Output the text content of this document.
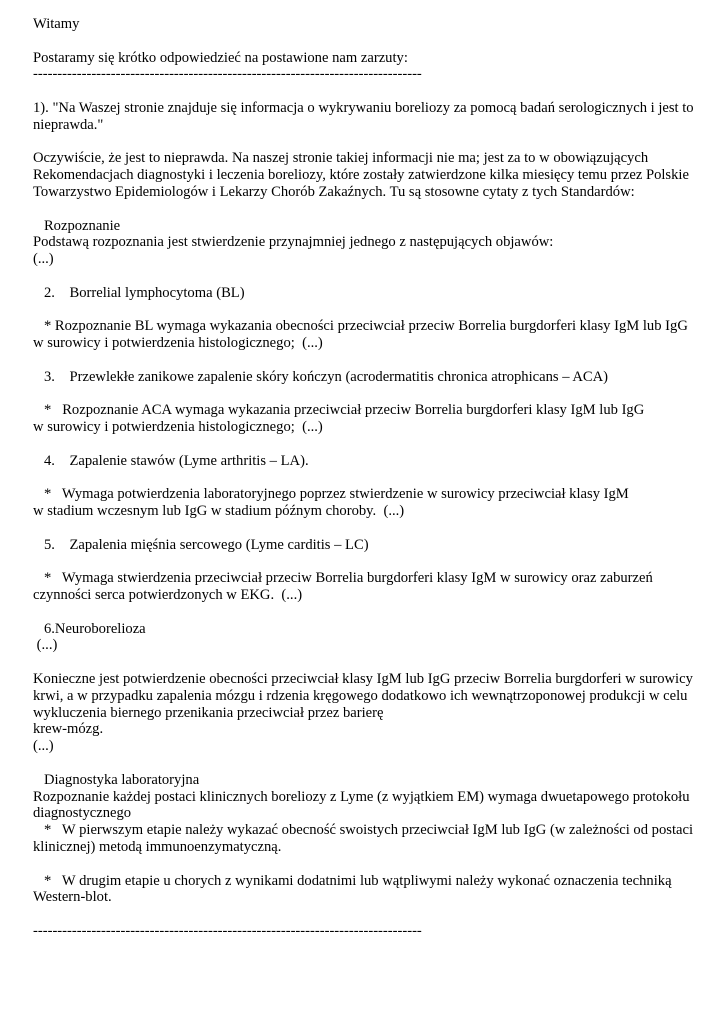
Witamy

Postaramy się krótko odpowiedzieć na postawione nam zarzuty:

--------------------------------------------------------------------------------

1). "Na Waszej stronie znajduje się informacja o wykrywaniu boreliozy za pomocą badań serologicznych i jest to nieprawda."

Oczywiście, że jest to nieprawda. Na naszej stronie takiej informacji nie ma; jest za to w obowiązujących Rekomendacjach diagnostyki i leczenia boreliozy, które zostały zatwierdzone kilka miesięcy temu przez Polskie Towarzystwo Epidemiologów i Lekarzy Chorób Zakaźnych. Tu są stosowne cytaty z tych Standardów:

Rozpoznanie

Podstawą rozpoznania jest stwierdzenie przynajmniej jednego z następujących objawów:

(...)

2.    Borrelial lymphocytoma (BL)

* Rozpoznanie BL wymaga wykazania obecności przeciwciał przeciw Borrelia burgdorferi klasy IgM lub IgG

w surowicy i potwierdzenia histologicznego;  (...)

3.    Przewlekłe zanikowe zapalenie skóry kończyn (acrodermatitis chronica atrophicans – ACA)

*   Rozpoznanie ACA wymaga wykazania przeciwciał przeciw Borrelia burgdorferi klasy IgM lub IgG

w surowicy i potwierdzenia histologicznego;  (...)

4.    Zapalenie stawów (Lyme arthritis – LA).

*   Wymaga potwierdzenia laboratoryjnego poprzez stwierdzenie w surowicy przeciwciał klasy IgM

w stadium wczesnym lub IgG w stadium późnym choroby.  (...)

5.    Zapalenia mięśnia sercowego (Lyme carditis – LC)

*   Wymaga stwierdzenia przeciwciał przeciw Borrelia burgdorferi klasy IgM w surowicy oraz zaburzeń

czynności serca potwierdzonych w EKG.  (...)

6.Neuroborelioza

(...)

Konieczne jest potwierdzenie obecności przeciwciał klasy IgM lub IgG przeciw Borrelia burgdorferi w surowicy krwi, a w przypadku zapalenia mózgu i rdzenia kręgowego dodatkowo ich wewnątrzoponowej produkcji w celu wykluczenia biernego przenikania przeciwciał przez barierę

krew-mózg.

(...)

Diagnostyka laboratoryjna

Rozpoznanie każdej postaci klinicznych boreliozy z Lyme (z wyjątkiem EM) wymaga dwuetapowego protokołu diagnostycznego

*   W pierwszym etapie należy wykazać obecność swoistych przeciwciał IgM lub IgG (w zależności od postaci klinicznej) metodą immunoenzymatyczną.

*   W drugim etapie u chorych z wynikami dodatnimi lub wątpliwymi należy wykonać oznaczenia techniką Western-blot.

--------------------------------------------------------------------------------
